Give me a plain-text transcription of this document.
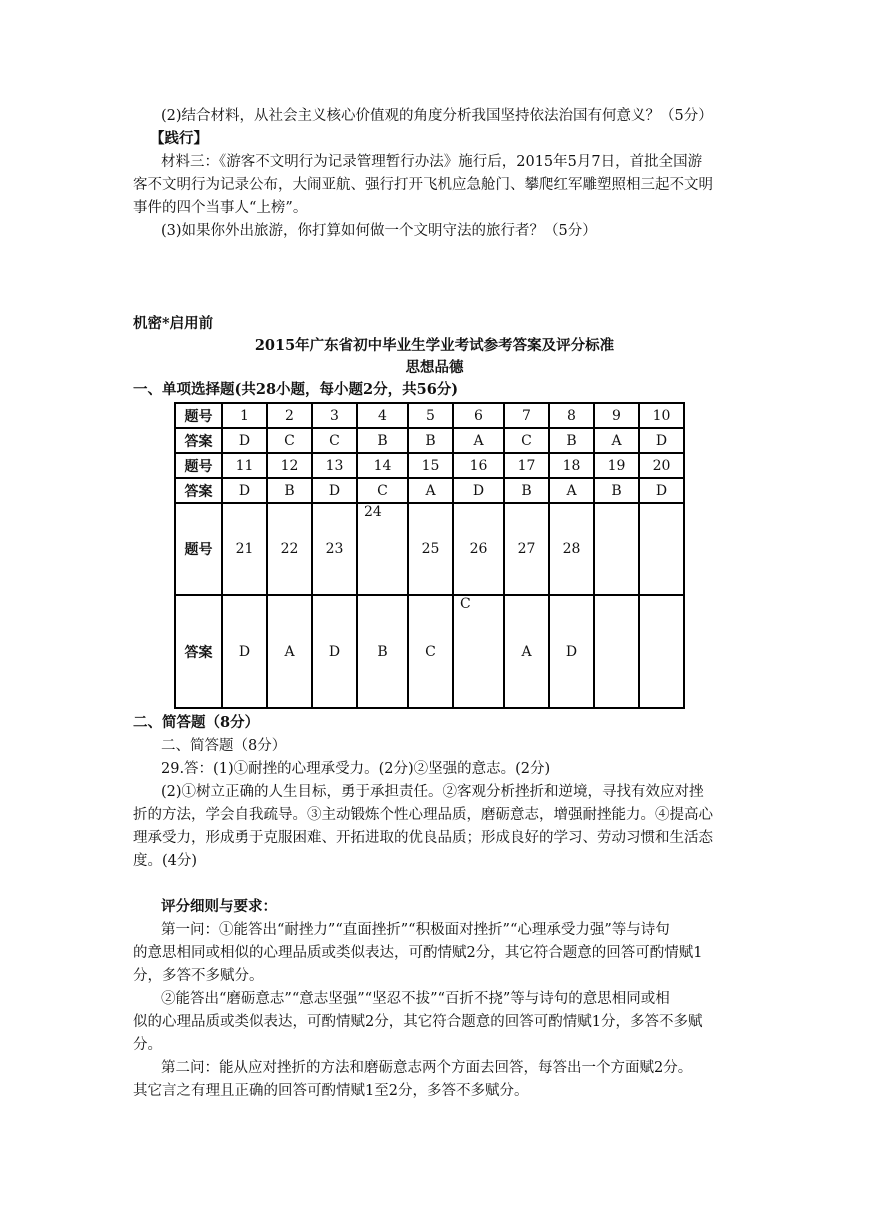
(2)结合材料，从社会主义核心价值观的角度分析我国坚持依法治国有何意义？（5分）
【践行】
材料三：《游客不文明行为记录管理暂行办法》施行后，2015年5月7日，首批全国游
客不文明行为记录公布，大闹亚航、强行打开飞机应急舱门、攀爬红军雕塑照相三起不文明
事件的四个当事人“上榜”。
(3)如果你外出旅游，你打算如何做一个文明守法的旅行者？（5分）
机密*启用前
2015年广东省初中毕业生学业考试参考答案及评分标准
思想品德
一、单项选择题(共28小题，每小题2分，共56分)
题号	1	2	3	4	5	6	7	8	9	10
答案	D	C	C	B	B	A	C	B	A	D
题号	11	12	13	14	15	16	17	18	19	20
答案	D	B	D	C	A	D	B	A	B	D
题号	21	22	23	24	25	26	27	28		
答案	D	A	D	B	C	C	A	D		
二、简答题（8分）
二、简答题（8分）
29.答：(1)①耐挫的心理承受力。(2分)②坚强的意志。(2分)
(2)①树立正确的人生目标，勇于承担责任。②客观分析挫折和逆境，寻找有效应对挫
折的方法，学会自我疏导。③主动锻炼个性心理品质，磨砺意志，增强耐挫能力。④提高心
理承受力，形成勇于克服困难、开拓进取的优良品质；形成良好的学习、劳动习惯和生活态
度。(4分)
评分细则与要求：
第一问：①能答出“耐挫力”“直面挫折”“积极面对挫折”“心理承受力强”等与诗句
的意思相同或相似的心理品质或类似表达，可酌情赋2分，其它符合题意的回答可酌情赋1
分，多答不多赋分。
②能答出“磨砺意志”“意志坚强”“坚忍不拔”“百折不挠”等与诗句的意思相同或相
似的心理品质或类似表达，可酌情赋2分，其它符合题意的回答可酌情赋1分，多答不多赋
分。
第二问：能从应对挫折的方法和磨砺意志两个方面去回答，每答出一个方面赋2分。
其它言之有理且正确的回答可酌情赋1至2分，多答不多赋分。
